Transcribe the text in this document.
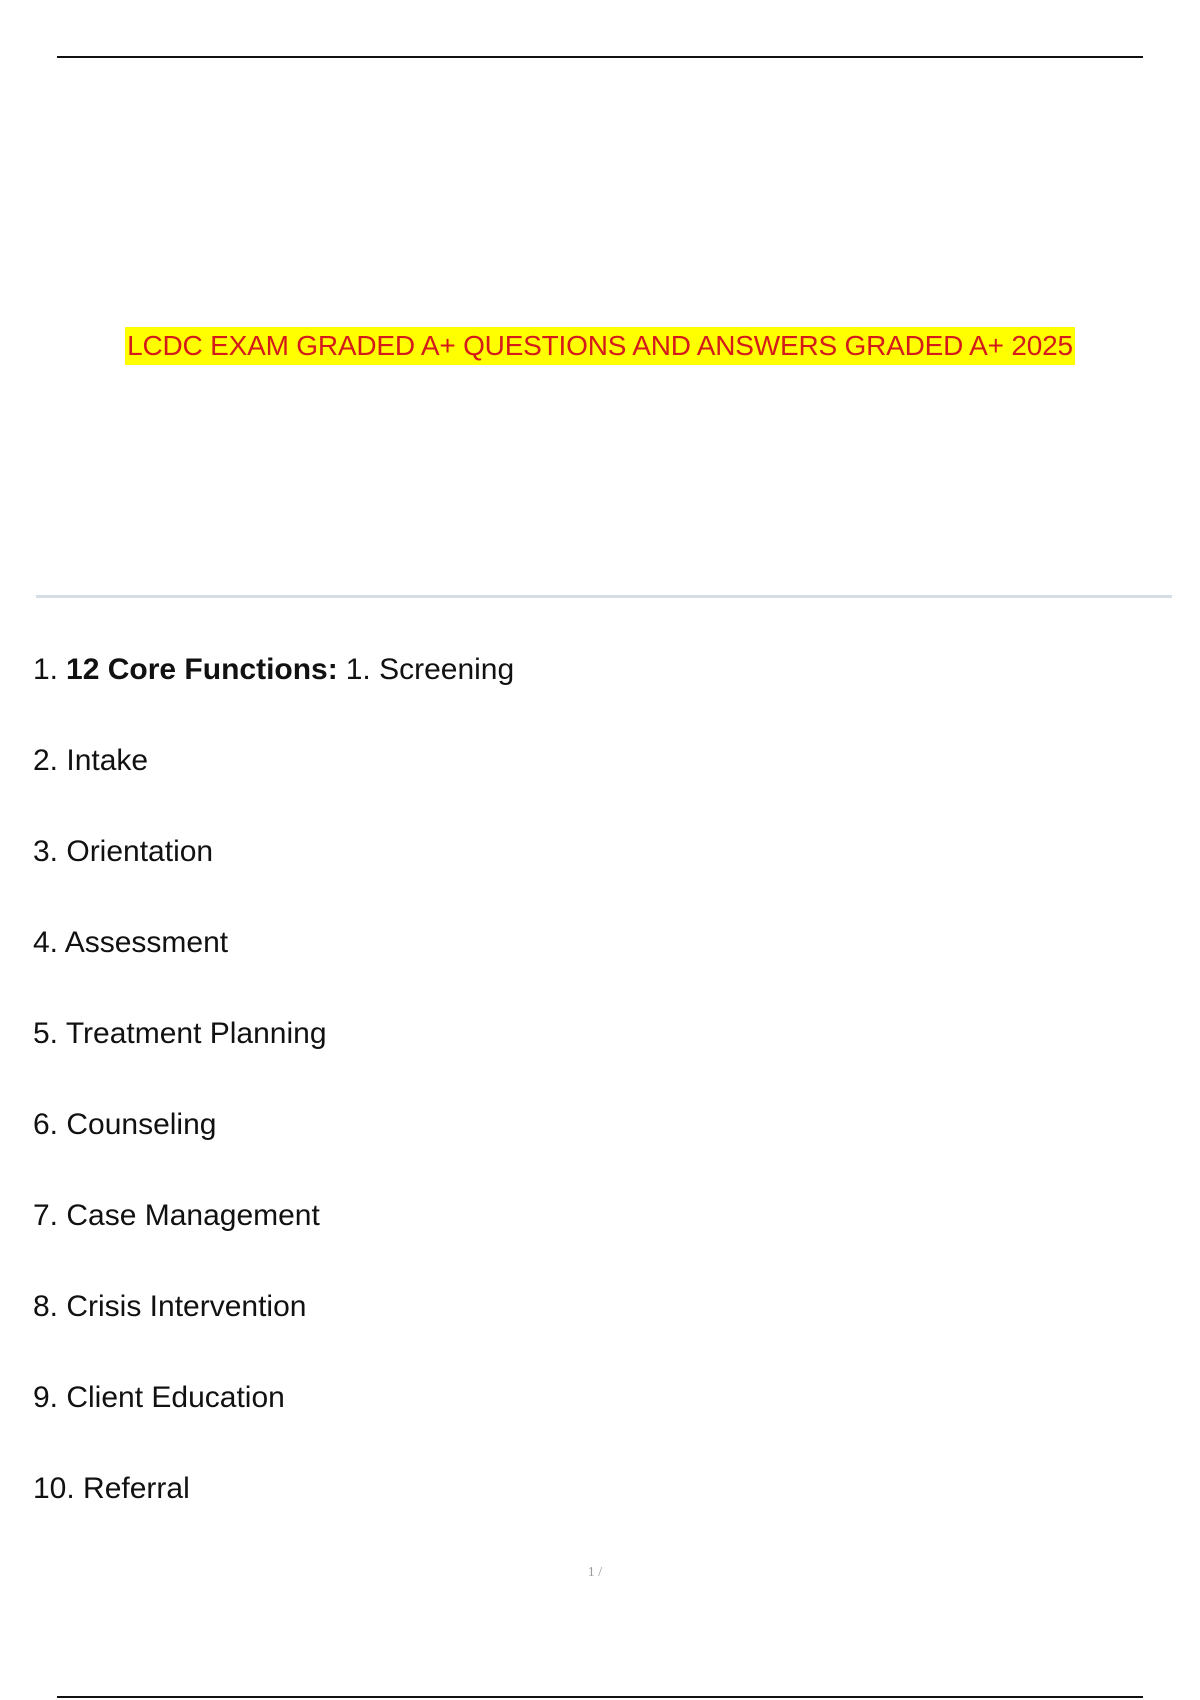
LCDC EXAM GRADED A+ QUESTIONS AND ANSWERS GRADED A+ 2025
1. 12 Core Functions: 1. Screening
2. Intake
3. Orientation
4. Assessment
5. Treatment Planning
6. Counseling
7. Case Management
8. Crisis Intervention
9. Client Education
10. Referral
1 /
